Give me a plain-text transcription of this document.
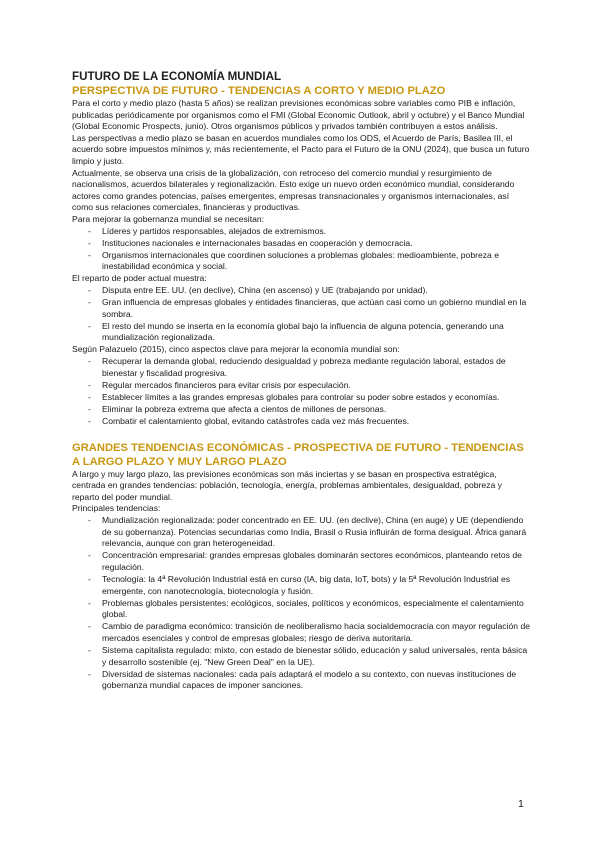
FUTURO DE LA ECONOMÍA MUNDIAL

PERSPECTIVA DE FUTURO - TENDENCIAS A CORTO Y MEDIO PLAZO

Para el corto y medio plazo (hasta 5 años) se realizan previsiones económicas sobre variables como PIB e inflación, publicadas periódicamente por organismos como el FMI (Global Economic Outlook, abril y octubre) y el Banco Mundial (Global Economic Prospects, junio). Otros organismos públicos y privados también contribuyen a estos análisis.

Las perspectivas a medio plazo se basan en acuerdos mundiales como los ODS, el Acuerdo de París, Basilea III, el acuerdo sobre impuestos mínimos y, más recientemente, el Pacto para el Futuro de la ONU (2024), que busca un futuro limpio y justo.

Actualmente, se observa una crisis de la globalización, con retroceso del comercio mundial y resurgimiento de nacionalismos, acuerdos bilaterales y regionalización. Esto exige un nuevo orden económico mundial, considerando actores como grandes potencias, países emergentes, empresas transnacionales y organismos internacionales, así como sus relaciones comerciales, financieras y productivas.

Para mejorar la gobernanza mundial se necesitan:

- Líderes y partidos responsables, alejados de extremismos.
- Instituciones nacionales e internacionales basadas en cooperación y democracia.
- Organismos internacionales que coordinen soluciones a problemas globales: medioambiente, pobreza e inestabilidad económica y social.

El reparto de poder actual muestra:

- Disputa entre EE. UU. (en declive), China (en ascenso) y UE (trabajando por unidad).
- Gran influencia de empresas globales y entidades financieras, que actúan casi como un gobierno mundial en la sombra.
- El resto del mundo se inserta en la economía global bajo la influencia de alguna potencia, generando una mundialización regionalizada.

Según Palazuelo (2015), cinco aspectos clave para mejorar la economía mundial son:

- Recuperar la demanda global, reduciendo desigualdad y pobreza mediante regulación laboral, estados de bienestar y fiscalidad progresiva.
- Regular mercados financieros para evitar crisis por especulación.
- Establecer límites a las grandes empresas globales para controlar su poder sobre estados y economías.
- Eliminar la pobreza extrema que afecta a cientos de millones de personas.
- Combatir el calentamiento global, evitando catástrofes cada vez más frecuentes.

GRANDES TENDENCIAS ECONÓMICAS - PROSPECTIVA DE FUTURO - TENDENCIAS A LARGO PLAZO Y MUY LARGO PLAZO

A largo y muy largo plazo, las previsiones económicas son más inciertas y se basan en prospectiva estratégica, centrada en grandes tendencias: población, tecnología, energía, problemas ambientales, desigualdad, pobreza y reparto del poder mundial.

Principales tendencias:

- Mundialización regionalizada: poder concentrado en EE. UU. (en declive), China (en auge) y UE (dependiendo de su gobernanza). Potencias secundarias como India, Brasil o Rusia influirán de forma desigual. África ganará relevancia, aunque con gran heterogeneidad.
- Concentración empresarial: grandes empresas globales dominarán sectores económicos, planteando retos de regulación.
- Tecnología: la 4ª Revolución Industrial está en curso (IA, big data, IoT, bots) y la 5ª Revolución Industrial es emergente, con nanotecnología, biotecnología y fusión.
- Problemas globales persistentes: ecológicos, sociales, políticos y económicos, especialmente el calentamiento global.
- Cambio de paradigma económico: transición de neoliberalismo hacia socialdemocracia con mayor regulación de mercados esenciales y control de empresas globales; riesgo de deriva autoritaria.
- Sistema capitalista regulado: mixto, con estado de bienestar sólido, educación y salud universales, renta básica y desarrollo sostenible (ej. "New Green Deal" en la UE).
- Diversidad de sistemas nacionales: cada país adaptará el modelo a su contexto, con nuevas instituciones de gobernanza mundial capaces de imponer sanciones.
1
